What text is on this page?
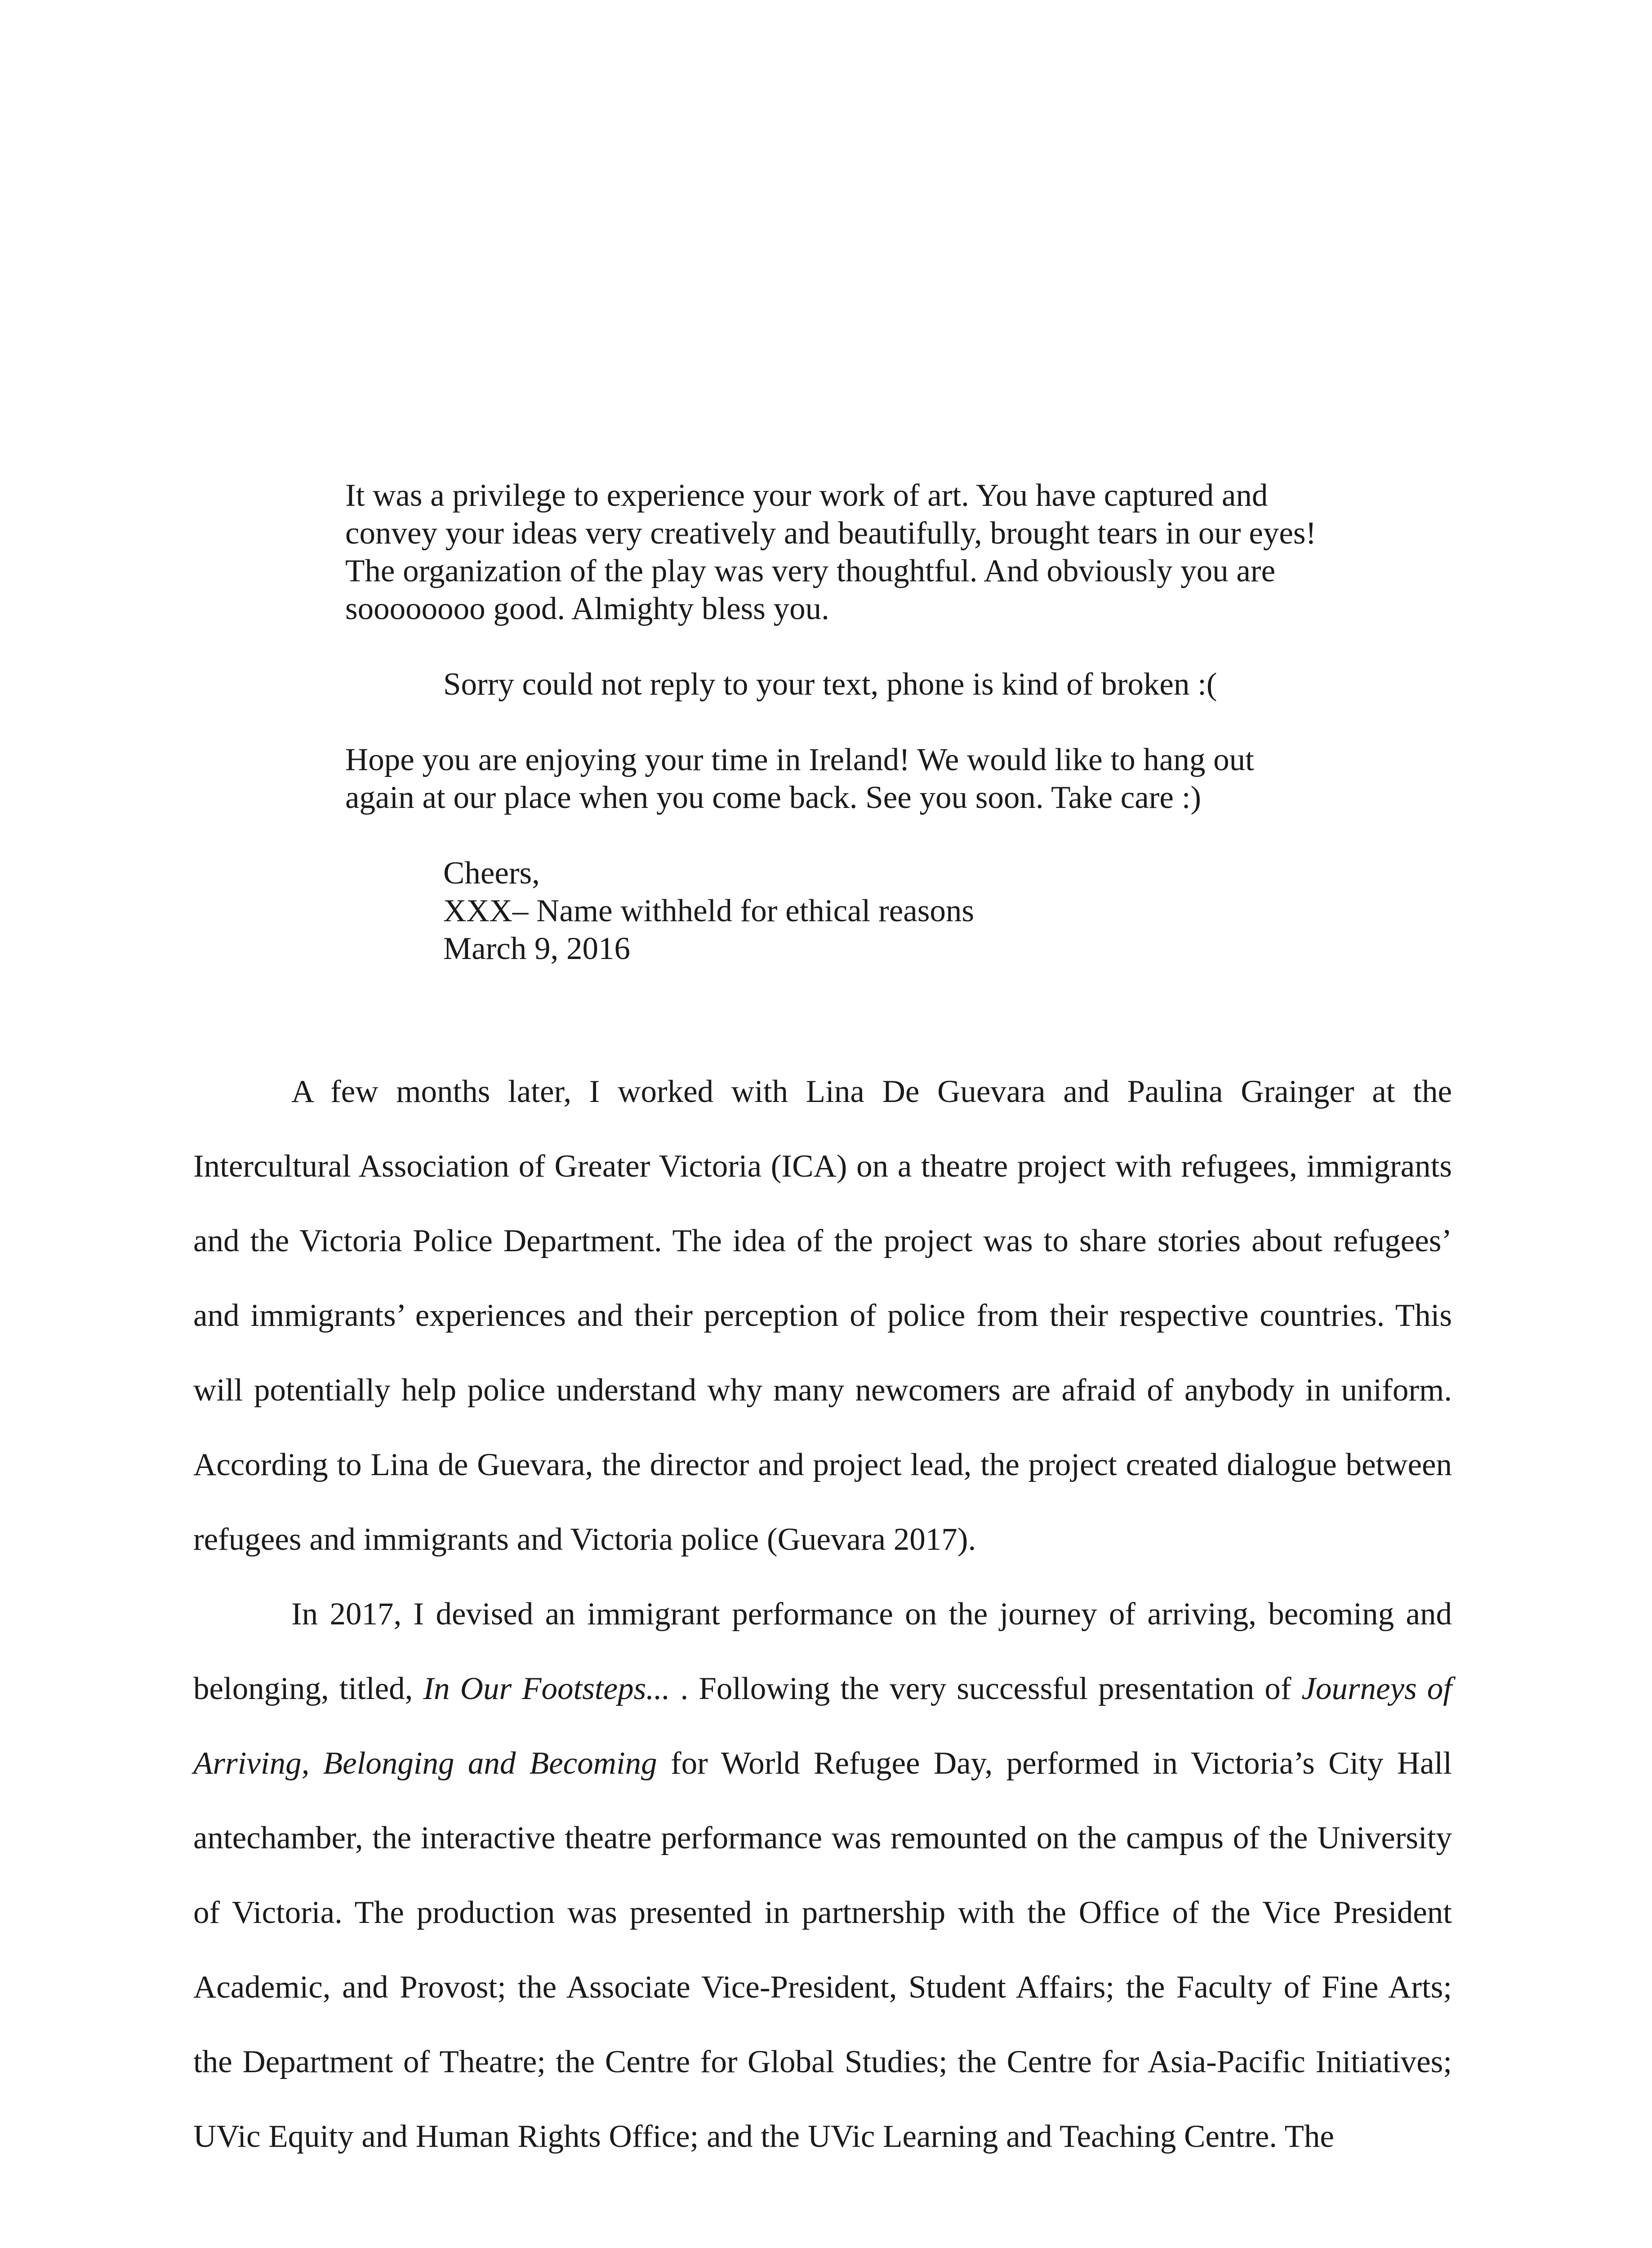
It was a privilege to experience your work of art. You have captured and convey your ideas very creatively and beautifully, brought tears in our eyes! The organization of the play was very thoughtful. And obviously you are soooooooo good. Almighty bless you.

Sorry could not reply to your text, phone is kind of broken :(

Hope you are enjoying your time in Ireland! We would like to hang out again at our place when you come back. See you soon. Take care :)

Cheers,
XXX– Name withheld for ethical reasons
March 9, 2016

A few months later, I worked with Lina De Guevara and Paulina Grainger at the Intercultural Association of Greater Victoria (ICA) on a theatre project with refugees, immigrants and the Victoria Police Department. The idea of the project was to share stories about refugees’ and immigrants’ experiences and their perception of police from their respective countries. This will potentially help police understand why many newcomers are afraid of anybody in uniform. According to Lina de Guevara, the director and project lead, the project created dialogue between refugees and immigrants and Victoria police (Guevara 2017).

In 2017, I devised an immigrant performance on the journey of arriving, becoming and belonging, titled, In Our Footsteps... . Following the very successful presentation of Journeys of Arriving, Belonging and Becoming for World Refugee Day, performed in Victoria’s City Hall antechamber, the interactive theatre performance was remounted on the campus of the University of Victoria. The production was presented in partnership with the Office of the Vice President Academic, and Provost; the Associate Vice-President, Student Affairs; the Faculty of Fine Arts; the Department of Theatre; the Centre for Global Studies; the Centre for Asia-Pacific Initiatives; UVic Equity and Human Rights Office; and the UVic Learning and Teaching Centre. The
